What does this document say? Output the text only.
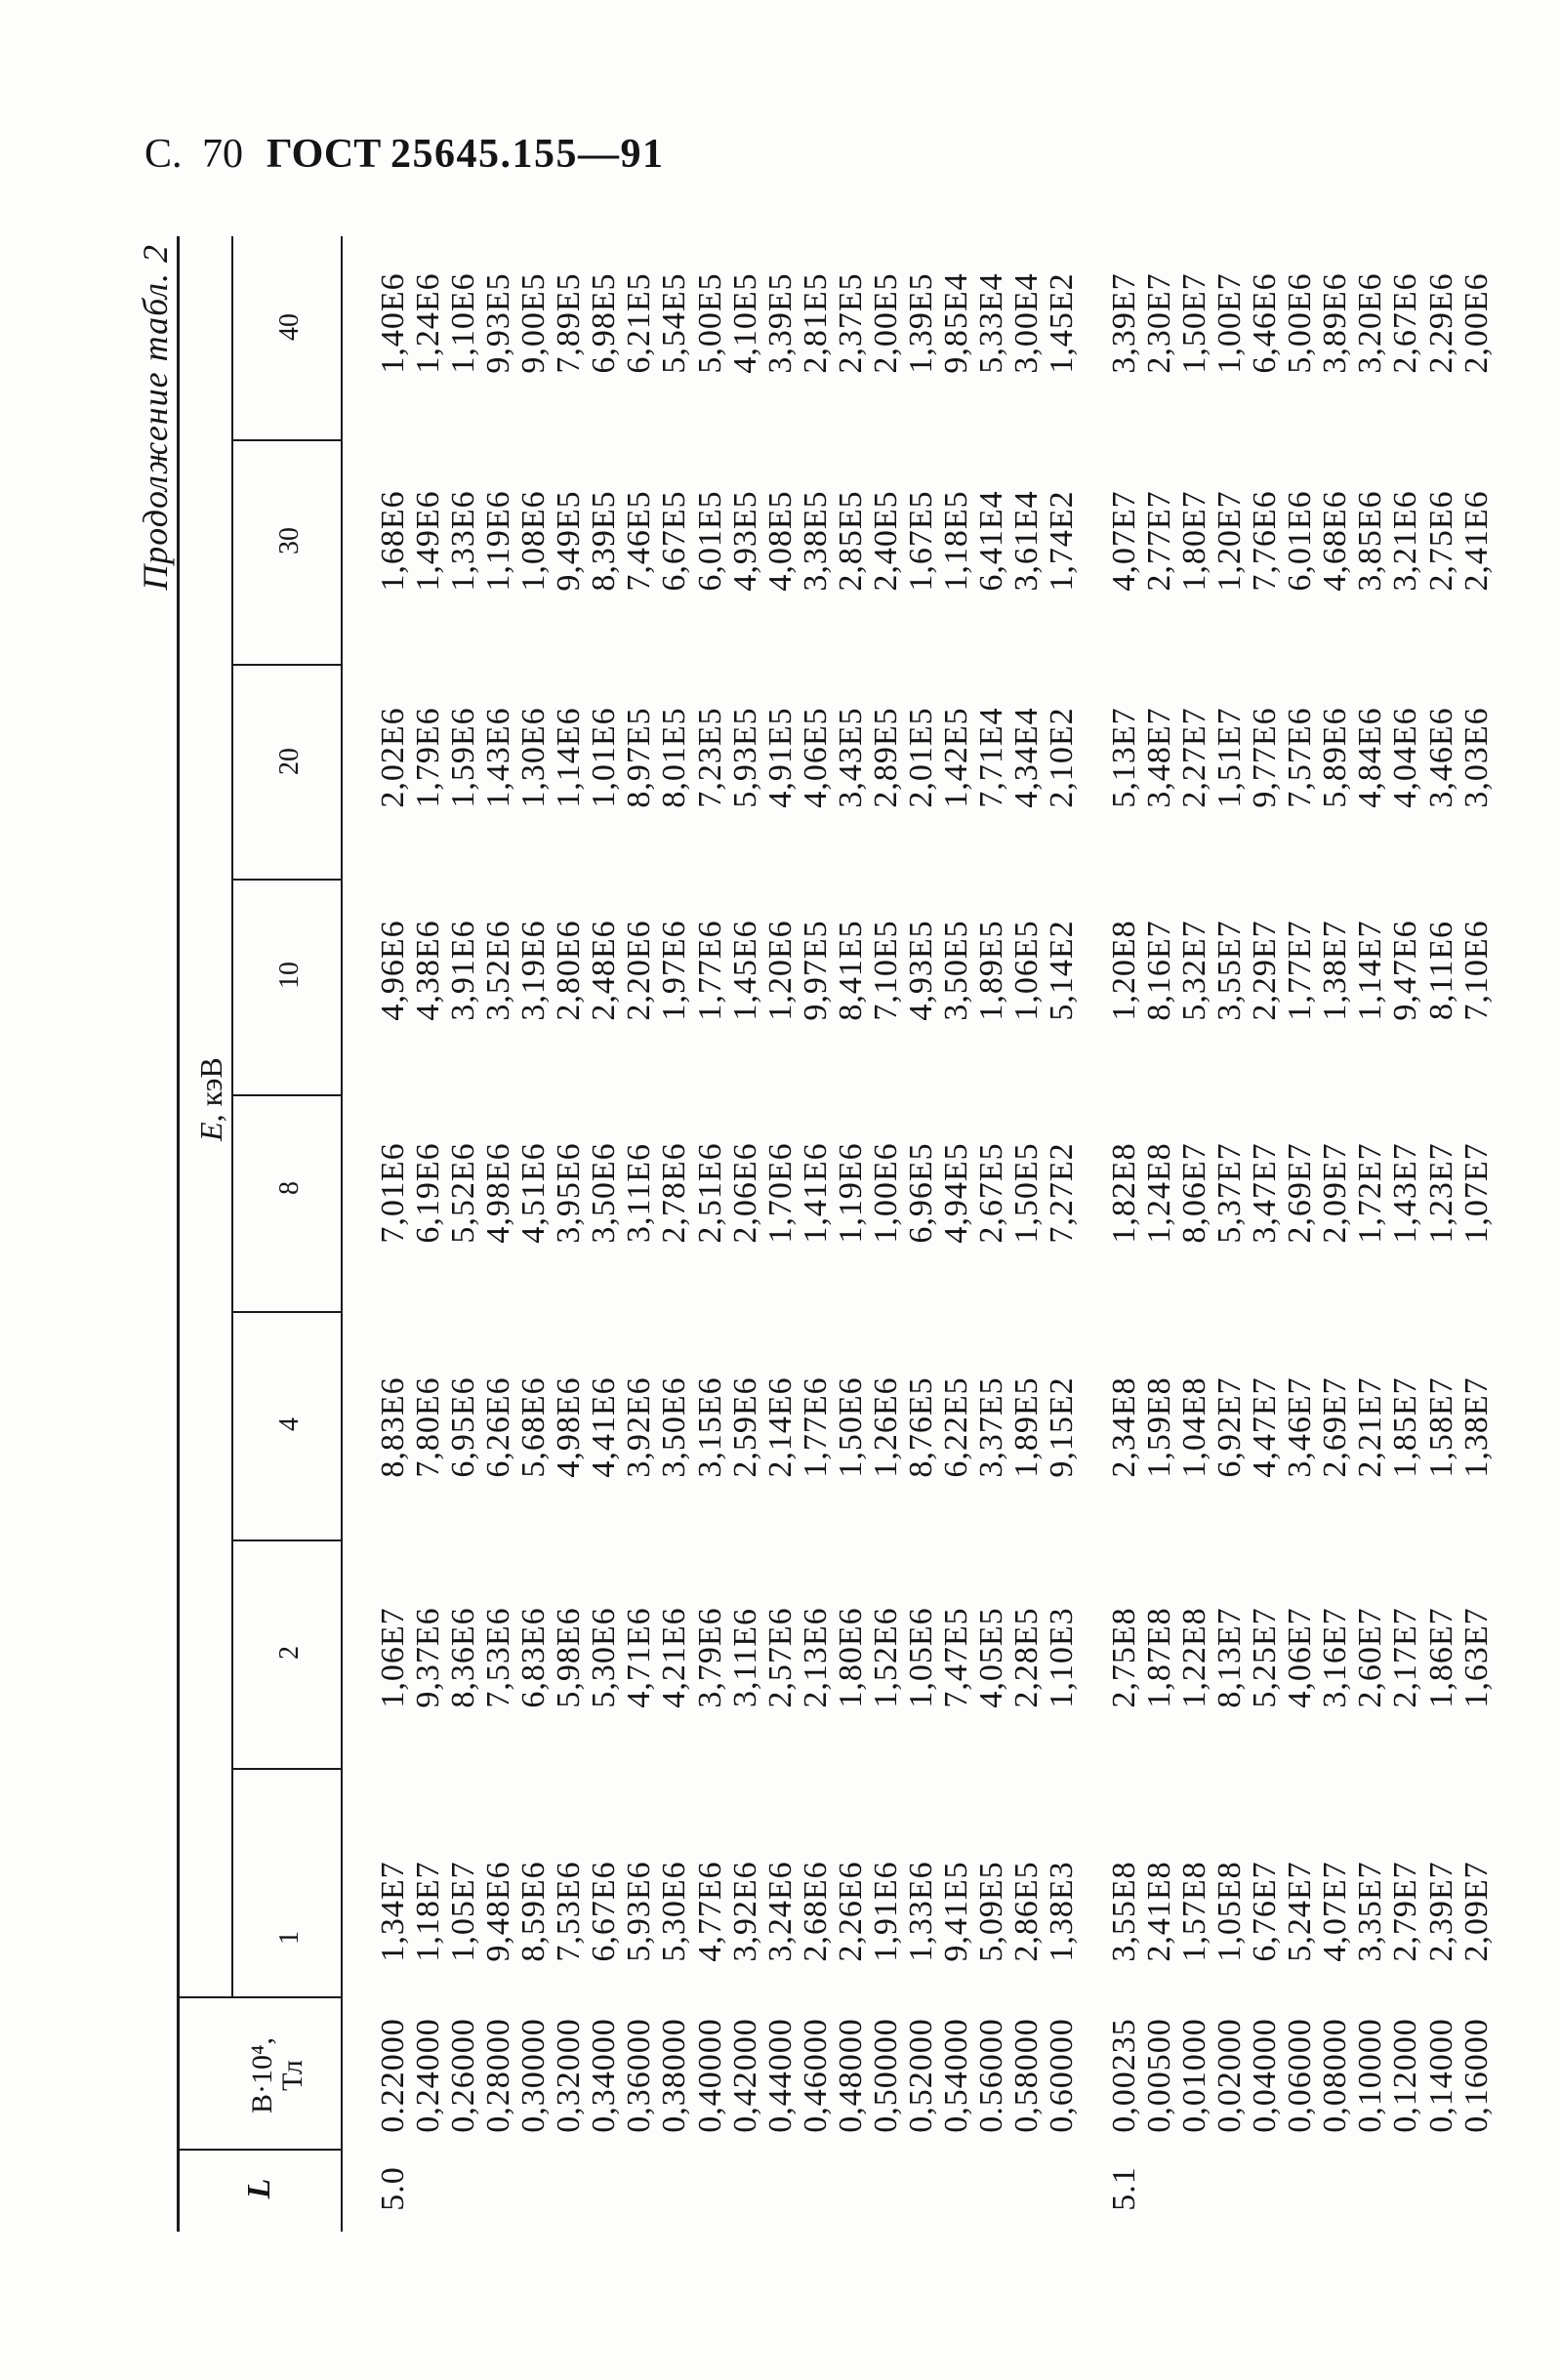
С. 70 ГОСТ 25645.155—91
Продолжение табл. 2
L
B·10⁴,
Тл
E, кэВ
1
2
4
8
10
20
30
40
5.0
0.22000
1,34E7
1,06E7
8,83E6
7,01E6
4,96E6
2,02E6
1,68E6
1,40E6
0,24000
1,18E7
9,37E6
7,80E6
6,19E6
4,38E6
1,79E6
1,49E6
1,24E6
0,26000
1,05E7
8,36E6
6,95E6
5,52E6
3,91E6
1,59E6
1,33E6
1,10E6
0,28000
9,48E6
7,53E6
6,26E6
4,98E6
3,52E6
1,43E6
1,19E6
9,93E5
0,30000
8,59E6
6,83E6
5,68E6
4,51E6
3,19E6
1,30E6
1,08E6
9,00E5
0,32000
7,53E6
5,98E6
4,98E6
3,95E6
2,80E6
1,14E6
9,49E5
7,89E5
0,34000
6,67E6
5,30E6
4,41E6
3,50E6
2,48E6
1,01E6
8,39E5
6,98E5
0,36000
5,93E6
4,71E6
3,92E6
3,11E6
2,20E6
8,97E5
7,46E5
6,21E5
0,38000
5,30E6
4,21E6
3,50E6
2,78E6
1,97E6
8,01E5
6,67E5
5,54E5
0,40000
4,77E6
3,79E6
3,15E6
2,51E6
1,77E6
7,23E5
6,01E5
5,00E5
0,42000
3,92E6
3,11E6
2,59E6
2,06E6
1,45E6
5,93E5
4,93E5
4,10E5
0,44000
3,24E6
2,57E6
2,14E6
1,70E6
1,20E6
4,91E5
4,08E5
3,39E5
0,46000
2,68E6
2,13E6
1,77E6
1,41E6
9,97E5
4,06E5
3,38E5
2,81E5
0,48000
2,26E6
1,80E6
1,50E6
1,19E6
8,41E5
3,43E5
2,85E5
2,37E5
0,50000
1,91E6
1,52E6
1,26E6
1,00E6
7,10E5
2,89E5
2,40E5
2,00E5
0,52000
1,33E6
1,05E6
8,76E5
6,96E5
4,93E5
2,01E5
1,67E5
1,39E5
0,54000
9,41E5
7,47E5
6,22E5
4,94E5
3,50E5
1,42E5
1,18E5
9,85E4
0.56000
5,09E5
4,05E5
3,37E5
2,67E5
1,89E5
7,71E4
6,41E4
5,33E4
0,58000
2,86E5
2,28E5
1,89E5
1,50E5
1,06E5
4,34E4
3,61E4
3,00E4
0,60000
1,38E3
1,10E3
9,15E2
7,27E2
5,14E2
2,10E2
1,74E2
1,45E2
5.1
0,00235
3,55E8
2,75E8
2,34E8
1,82E8
1,20E8
5,13E7
4,07E7
3,39E7
0,00500
2,41E8
1,87E8
1,59E8
1,24E8
8,16E7
3,48E7
2,77E7
2,30E7
0,01000
1,57E8
1,22E8
1,04E8
8,06E7
5,32E7
2,27E7
1,80E7
1,50E7
0,02000
1,05E8
8,13E7
6,92E7
5,37E7
3,55E7
1,51E7
1,20E7
1,00E7
0,04000
6,76E7
5,25E7
4,47E7
3,47E7
2,29E7
9,77E6
7,76E6
6,46E6
0,06000
5,24E7
4,06E7
3,46E7
2,69E7
1,77E7
7,57E6
6,01E6
5,00E6
0,08000
4,07E7
3,16E7
2,69E7
2,09E7
1,38E7
5,89E6
4,68E6
3,89E6
0,10000
3,35E7
2,60E7
2,21E7
1,72E7
1,14E7
4,84E6
3,85E6
3,20E6
0,12000
2,79E7
2,17E7
1,85E7
1,43E7
9,47E6
4,04E6
3,21E6
2,67E6
0,14000
2,39E7
1,86E7
1,58E7
1,23E7
8,11E6
3,46E6
2,75E6
2,29E6
0,16000
2,09E7
1,63E7
1,38E7
1,07E7
7,10E6
3,03E6
2,41E6
2,00E6
